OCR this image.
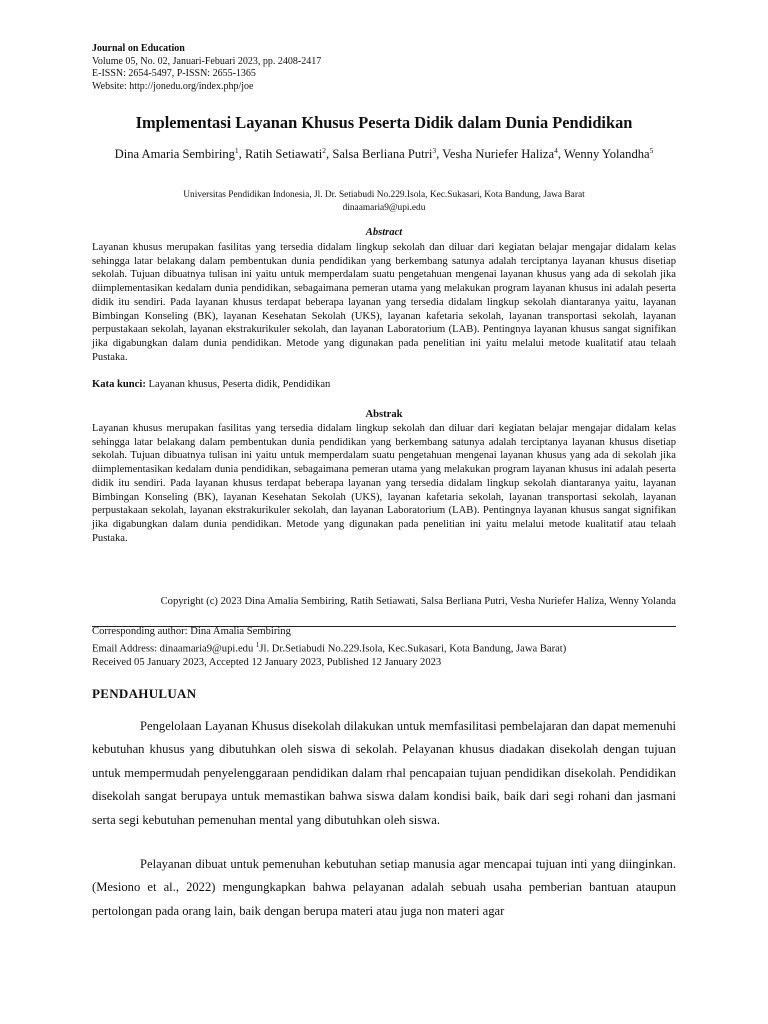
Journal on Education
Volume 05, No. 02, Januari-Febuari 2023, pp. 2408-2417
E-ISSN: 2654-5497, P-ISSN: 2655-1365
Website: http://jonedu.org/index.php/joe
Implementasi Layanan Khusus Peserta Didik dalam Dunia Pendidikan
Dina Amaria Sembiring$^1$, Ratih Setiawati$^2$, Salsa Berliana Putri$^3$, Vesha Nuriefer Haliza$^4$, Wenny Yolandha$^5$
Universitas Pendidikan Indonesia, Jl. Dr. Setiabudi No.229.Isola, Kec.Sukasari, Kota Bandung, Jawa Barat
dinaamaria9@upi.edu
Abstract
Layanan khusus merupakan fasilitas yang tersedia didalam lingkup sekolah dan diluar dari kegiatan belajar mengajar didalam kelas sehingga latar belakang dalam pembentukan dunia pendidikan yang berkembang satunya adalah terciptanya layanan khusus disetiap sekolah. Tujuan dibuatnya tulisan ini yaitu untuk memperdalam suatu pengetahuan mengenai layanan khusus yang ada di sekolah jika diimplementasikan kedalam dunia pendidikan, sebagaimana pemeran utama yang melakukan program layanan khusus ini adalah peserta didik itu sendiri. Pada layanan khusus terdapat beberapa layanan yang tersedia didalam lingkup sekolah diantaranya yaitu, layanan Bimbingan Konseling (BK), layanan Kesehatan Sekolah (UKS), layanan kafetaria sekolah, layanan transportasi sekolah, layanan perpustakaan sekolah, layanan ekstrakurikuler sekolah, dan layanan Laboratorium (LAB). Pentingnya layanan khusus sangat signifikan jika digabungkan dalam dunia pendidikan. Metode yang digunakan pada penelitian ini yaitu melalui metode kualitatif atau telaah Pustaka.
Kata kunci: Layanan khusus, Peserta didik, Pendidikan
Abstrak
Layanan khusus merupakan fasilitas yang tersedia didalam lingkup sekolah dan diluar dari kegiatan belajar mengajar didalam kelas sehingga latar belakang dalam pembentukan dunia pendidikan yang berkembang satunya adalah terciptanya layanan khusus disetiap sekolah. Tujuan dibuatnya tulisan ini yaitu untuk memperdalam suatu pengetahuan mengenai layanan khusus yang ada di sekolah jika diimplementasikan kedalam dunia pendidikan, sebagaimana pemeran utama yang melakukan program layanan khusus ini adalah peserta didik itu sendiri. Pada layanan khusus terdapat beberapa layanan yang tersedia didalam lingkup sekolah diantaranya yaitu, layanan Bimbingan Konseling (BK), layanan Kesehatan Sekolah (UKS), layanan kafetaria sekolah, layanan transportasi sekolah, layanan perpustakaan sekolah, layanan ekstrakurikuler sekolah, dan layanan Laboratorium (LAB). Pentingnya layanan khusus sangat signifikan jika digabungkan dalam dunia pendidikan. Metode yang digunakan pada penelitian ini yaitu melalui metode kualitatif atau telaah Pustaka.
Copyright (c) 2023 Dina Amalia Sembiring, Ratih Setiawati, Salsa Berliana Putri, Vesha Nuriefer Haliza, Wenny Yolanda
Corresponding author: Dina Amalia Sembiring
Email Address: dinaamaria9@upi.edu $^1$Jl. Dr.Setiabudi No.229.Isola, Kec.Sukasari, Kota Bandung, Jawa Barat)
Received 05 January 2023, Accepted 12 January 2023, Published 12 January 2023
PENDAHULUAN
Pengelolaan Layanan Khusus disekolah dilakukan untuk memfasilitasi pembelajaran dan dapat memenuhi kebutuhan khusus yang dibutuhkan oleh siswa di sekolah. Pelayanan khusus diadakan disekolah dengan tujuan untuk mempermudah penyelenggaraan pendidikan dalam rhal pencapaian tujuan pendidikan disekolah. Pendidikan disekolah sangat berupaya untuk memastikan bahwa siswa dalam kondisi baik, baik dari segi rohani dan jasmani serta segi kebutuhan pemenuhan mental yang dibutuhkan oleh siswa.
Pelayanan dibuat untuk pemenuhan kebutuhan setiap manusia agar mencapai tujuan inti yang diinginkan. (Mesiono et al., 2022) mengungkapkan bahwa pelayanan adalah sebuah usaha pemberian bantuan ataupun pertolongan pada orang lain, baik dengan berupa materi atau juga non materi agar
